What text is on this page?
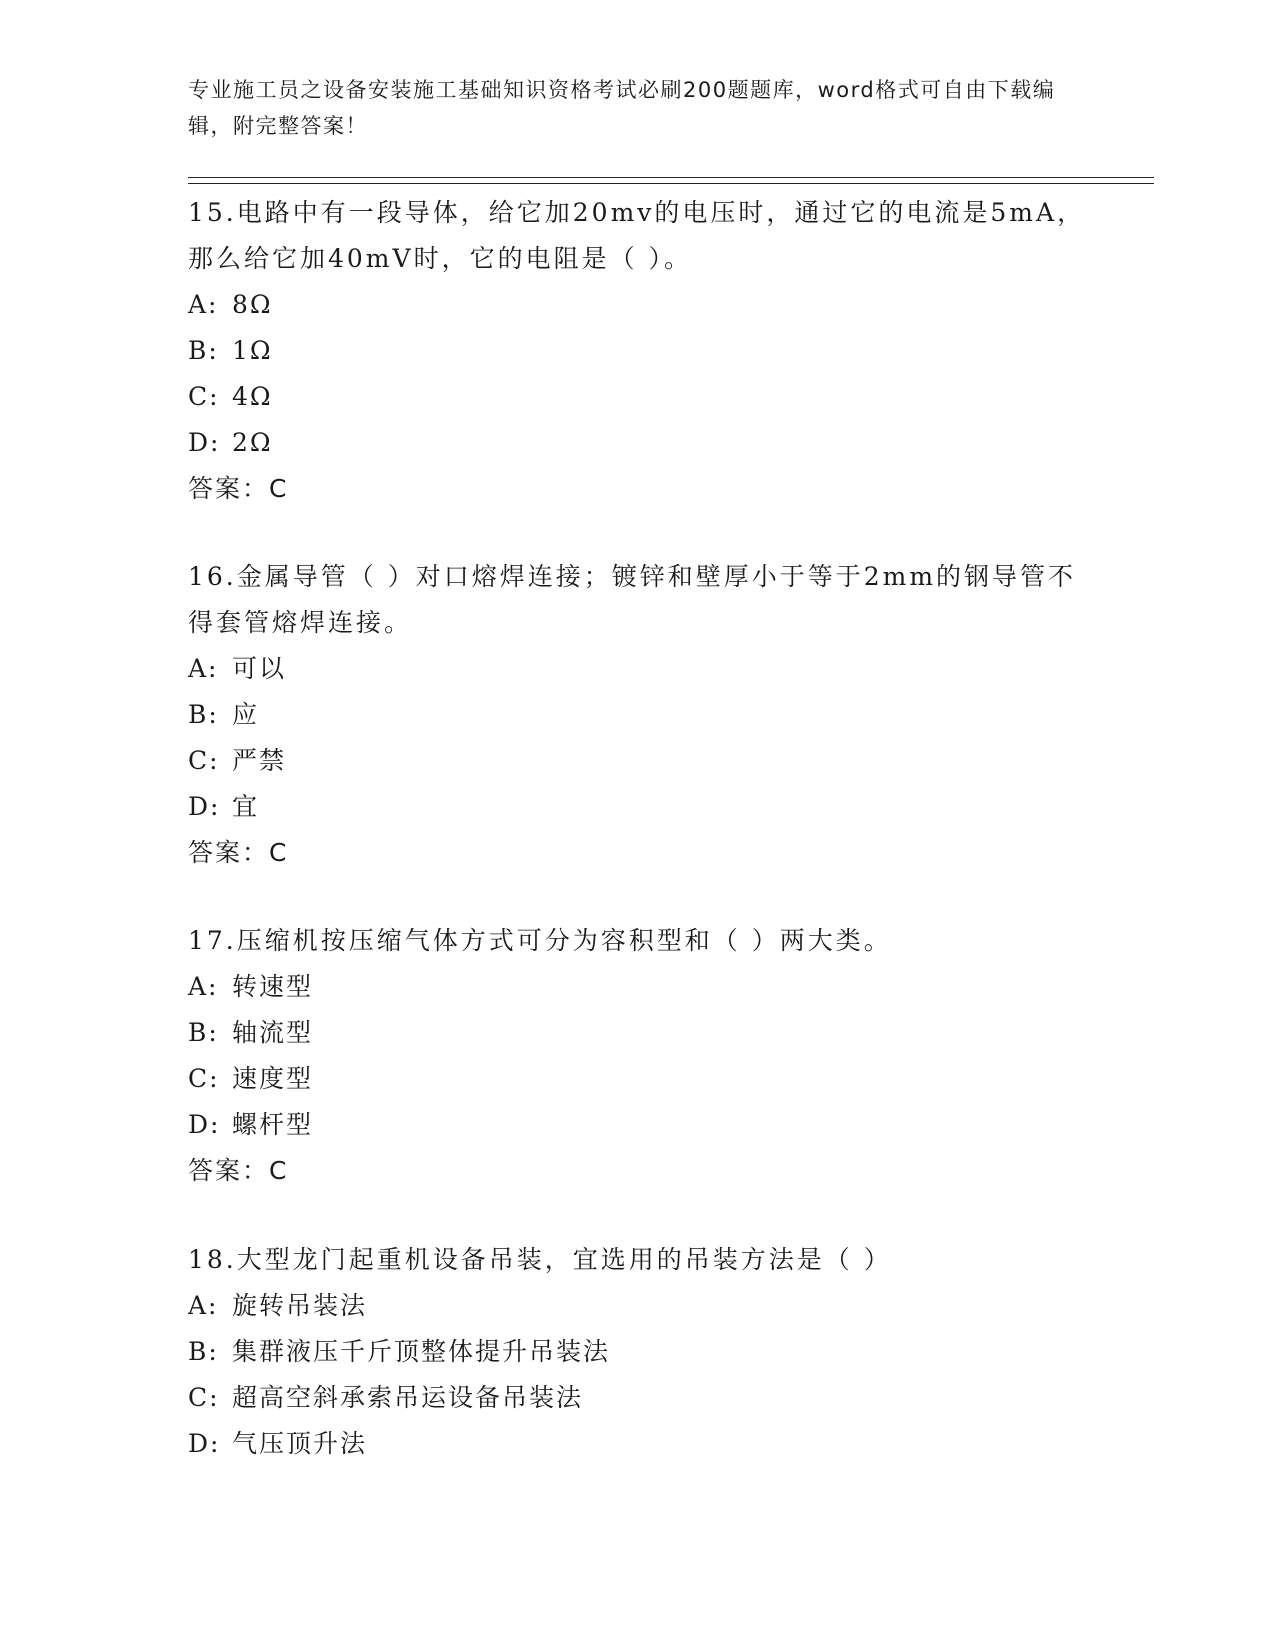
专业施工员之设备安装施工基础知识资格考试必刷200题题库，word格式可自由下载编辑，附完整答案！

15.电路中有一段导体，给它加20mv的电压时，通过它的电流是5mA，那么给它加40mV时，它的电阻是（ ）。

A: 8Ω

B: 1Ω

C: 4Ω

D: 2Ω

答案：C

16.金属导管（ ）对口熔焊连接；镀锌和壁厚小于等于2mm的钢导管不得套管熔焊连接。

A: 可以

B: 应

C: 严禁

D: 宜

答案：C

17.压缩机按压缩气体方式可分为容积型和（ ）两大类。

A: 转速型

B: 轴流型

C: 速度型

D: 螺杆型

答案：C

18.大型龙门起重机设备吊装，宜选用的吊装方法是（ ）

A: 旋转吊装法

B: 集群液压千斤顶整体提升吊装法

C: 超高空斜承索吊运设备吊装法

D: 气压顶升法
